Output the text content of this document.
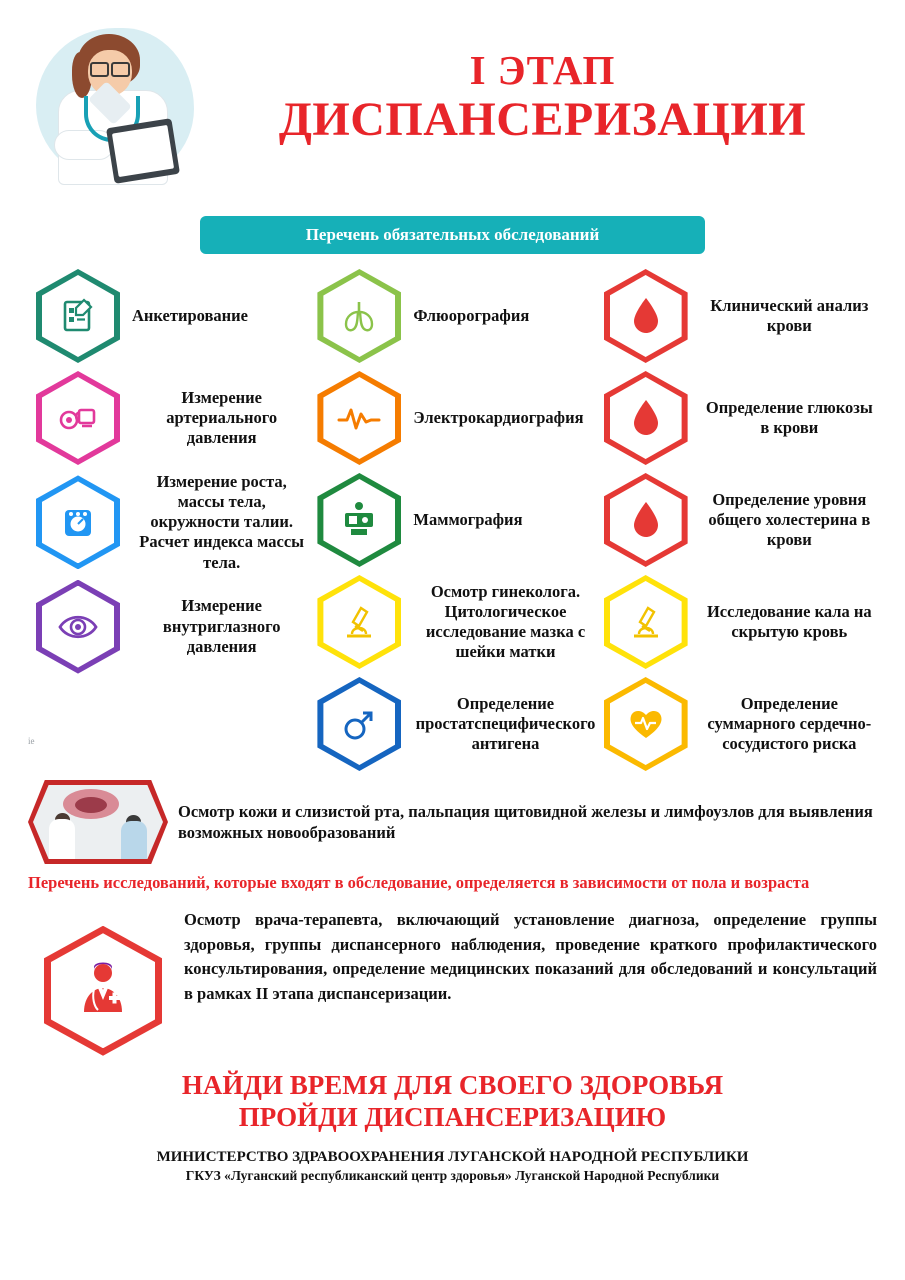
I ЭТАП
ДИСПАНСЕРИЗАЦИИ
Перечень обязательных обследований
Анкетирование
Измерение артериального давления
Измерение роста, массы тела, окружности талии. Расчет индекса массы тела.
Измерение внутриглазного давления
Флюорография
Электрокардиография
Маммография
Осмотр гинеколога. Цитологическое исследование мазка с шейки матки
Определение простатспецифического антигена
Клинический анализ крови
Определение глюкозы в крови
Определение уровня общего холестерина в крови
Исследование кала на скрытую кровь
Определение суммарного сердечно-сосудистого риска
Осмотр кожи и слизистой рта, пальпация щитовидной железы и лимфоузлов для выявления возможных новообразований
Перечень исследований, которые входят в обследование, определяется в зависимости от пола и возраста
Осмотр врача-терапевта, включающий установление диагноза, определение группы здоровья, группы диспансерного наблюдения, проведение краткого профилактического консультирования, определение медицинских показаний для обследований и консультаций в рамках II этапа диспансеризации.
НАЙДИ ВРЕМЯ ДЛЯ СВОЕГО ЗДОРОВЬЯ
ПРОЙДИ ДИСПАНСЕРИЗАЦИЮ
МИНИСТЕРСТВО ЗДРАВООХРАНЕНИЯ ЛУГАНСКОЙ НАРОДНОЙ РЕСПУБЛИКИ
ГКУЗ «Луганский республиканский центр здоровья» Луганской Народной Республики
ie
